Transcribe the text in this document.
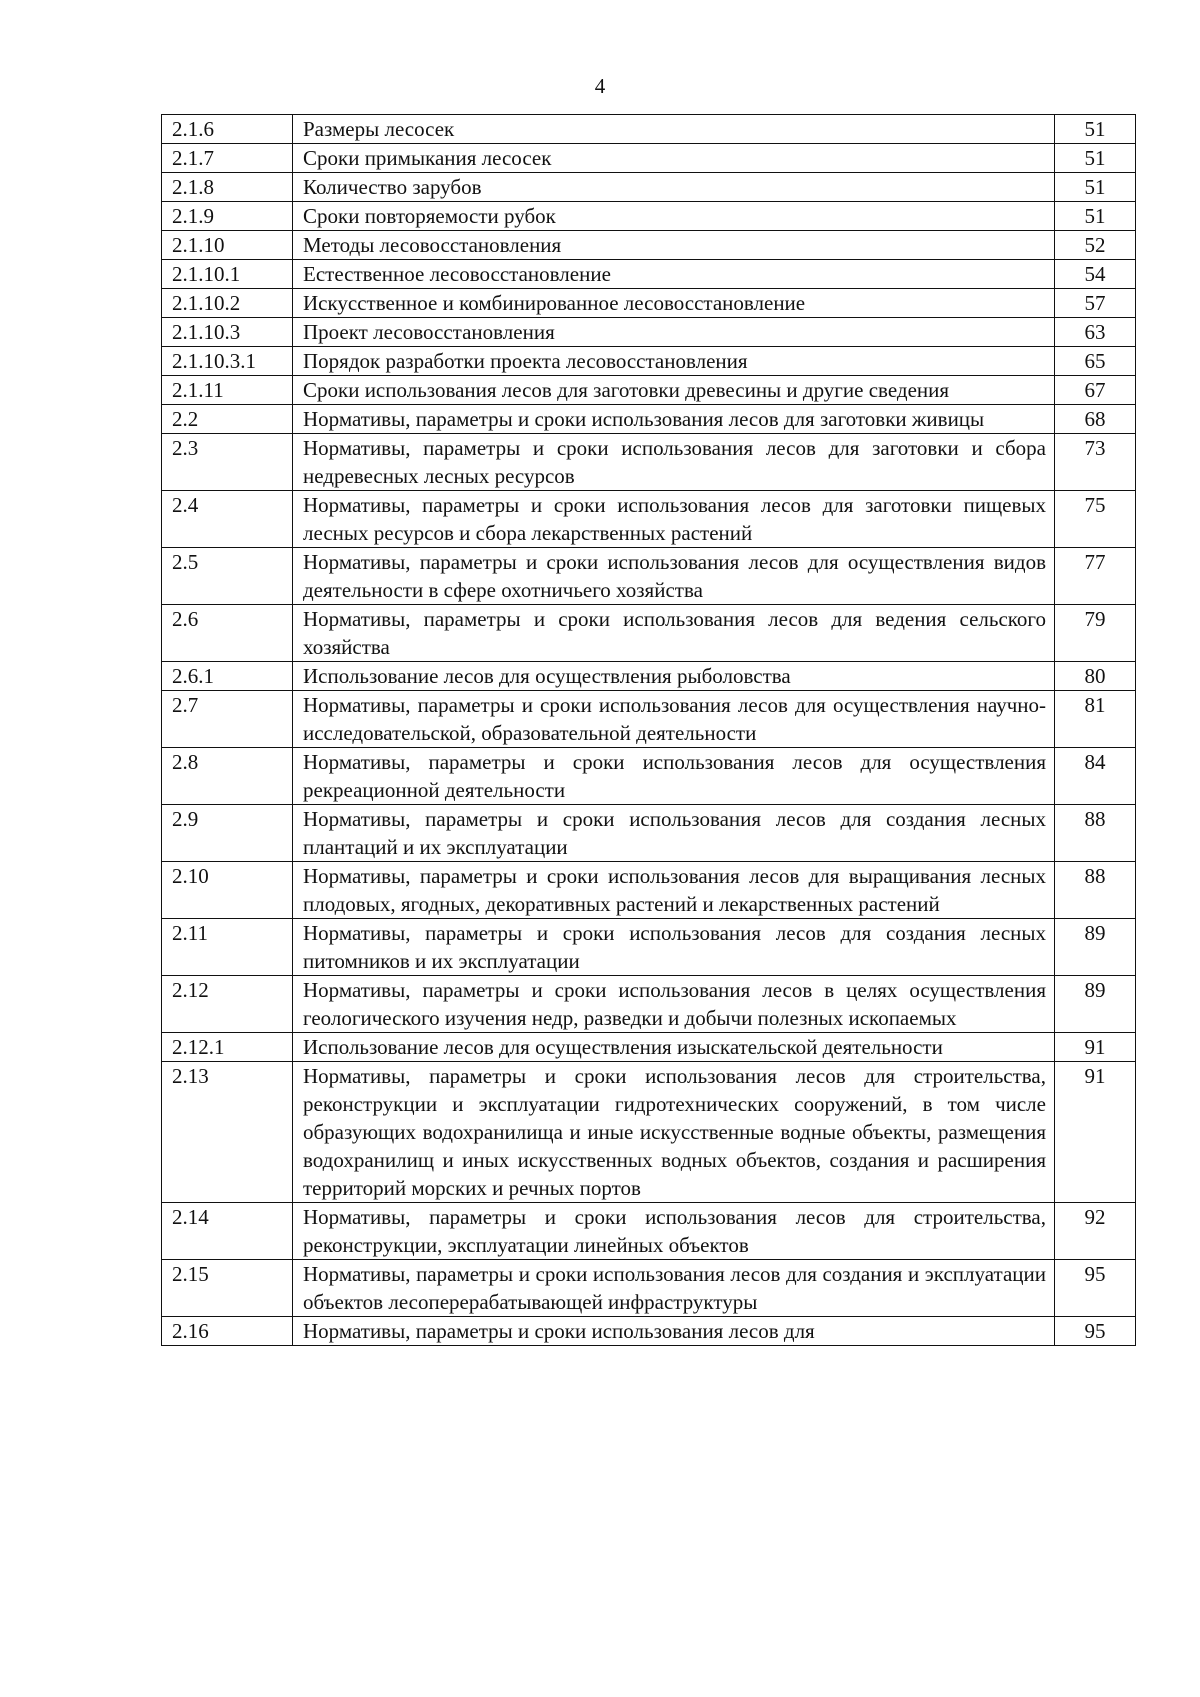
4
2.1.6	Размеры лесосек	51
2.1.7	Сроки примыкания лесосек	51
2.1.8	Количество зарубов	51
2.1.9	Сроки повторяемости рубок	51
2.1.10	Методы лесовосстановления	52
2.1.10.1	Естественное лесовосстановление	54
2.1.10.2	Искусственное и комбинированное лесовосстановление	57
2.1.10.3	Проект лесовосстановления	63
2.1.10.3.1	Порядок разработки проекта лесовосстановления	65
2.1.11	Сроки использования лесов для заготовки древесины и другие сведения	67
2.2	Нормативы, параметры и сроки использования лесов для заготовки живицы	68
2.3	Нормативы, параметры и сроки использования лесов для заготовки и сбора недревесных лесных ресурсов	73
2.4	Нормативы, параметры и сроки использования лесов для заготовки пищевых лесных ресурсов и сбора лекарственных растений	75
2.5	Нормативы, параметры и сроки использования лесов для осуществления видов деятельности в сфере охотничьего хозяйства	77
2.6	Нормативы, параметры и сроки использования лесов для ведения сельского хозяйства	79
2.6.1	Использование лесов для осуществления рыболовства	80
2.7	Нормативы, параметры и сроки использования лесов для осуществления научно-исследовательской, образовательной деятельности	81
2.8	Нормативы, параметры и сроки использования лесов для осуществления рекреационной деятельности	84
2.9	Нормативы, параметры и сроки использования лесов для создания лесных плантаций и их эксплуатации	88
2.10	Нормативы, параметры и сроки использования лесов для выращивания лесных плодовых, ягодных, декоративных растений и лекарственных растений	88
2.11	Нормативы, параметры и сроки использования лесов для создания лесных питомников и их эксплуатации	89
2.12	Нормативы, параметры и сроки использования лесов в целях осуществления геологического изучения недр, разведки и добычи полезных ископаемых	89
2.12.1	Использование лесов для осуществления изыскательской деятельности	91
2.13	Нормативы, параметры и сроки использования лесов для строительства, реконструкции и эксплуатации гидротехнических сооружений, в том числе образующих водохранилища и иные искусственные водные объекты, размещения водохранилищ и иных искусственных водных объектов, создания и расширения территорий морских и речных портов	91
2.14	Нормативы, параметры и сроки использования лесов для строительства, реконструкции, эксплуатации линейных объектов	92
2.15	Нормативы, параметры и сроки использования лесов для создания и эксплуатации объектов лесоперерабатывающей инфраструктуры	95
2.16	Нормативы, параметры и сроки использования лесов для	95
